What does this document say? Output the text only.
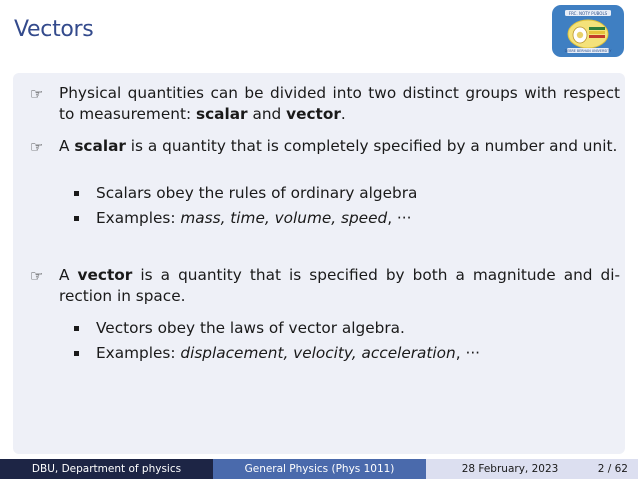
Vectors
FRC. NOTY PUBOLS
DEBRE BERHAN UNIVERSITY
☞ Physical quantities can be divided into two distinct groups with respect to measurement: scalar and vector.
☞ A scalar is a quantity that is completely specified by a number and unit.
Scalars obey the rules of ordinary algebra
Examples: mass, time, volume, speed, ···
☞ A vector is a quantity that is specified by both a magnitude and di- rection in space.
Vectors obey the laws of vector algebra.
Examples: displacement, velocity, acceleration, ···
DBU, Department of physics	General Physics (Phys 1011)	28 February, 2023	2 / 62
